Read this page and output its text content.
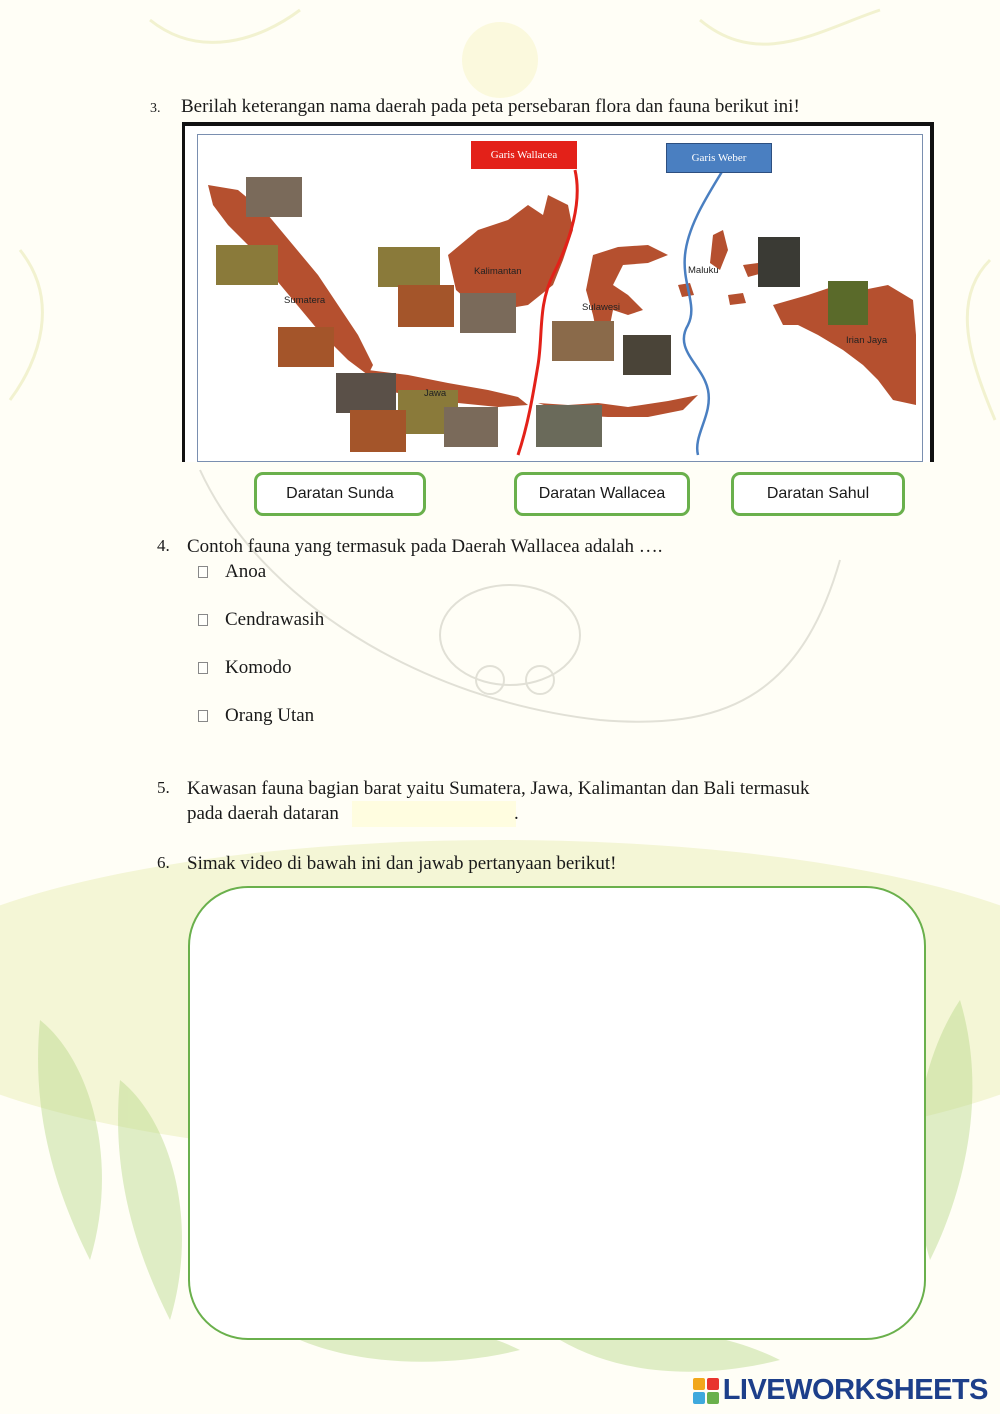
3. Berilah keterangan nama daerah pada peta persebaran flora dan fauna berikut ini!
Garis Wallacea	Garis Weber
Sumatera
Kalimantan
Sulawesi
Jawa
Maluku
Irian Jaya
Daratan Sunda	Daratan Wallacea	Daratan Sahul
4. Contoh fauna yang termasuk pada Daerah Wallacea adalah ….
Anoa
Cendrawasih
Komodo
Orang Utan
5. Kawasan fauna bagian barat yaitu Sumatera, Jawa, Kalimantan dan Bali termasuk
pada daerah dataran	.
6. Simak video di bawah ini dan jawab pertanyaan berikut!
LIVEWORKSHEETS
